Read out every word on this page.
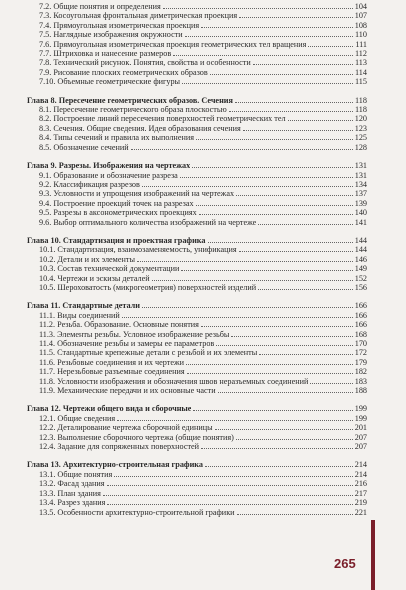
7.2. Общие понятия и определения	104
7.3. Косоугольная фронтальная диметрическая проекция	107
7.4. Прямоугольная изометрическая проекция	108
7.5. Наглядные изображения окружности	110
7.6. Прямоугольная изометрическая проекция геометрических тел вращения	111
7.7. Штриховка и нанесение размеров	112
7.8. Технический рисунок. Понятия, свойства и особенности	113
7.9. Рисование плоских геометрических образов	114
7.10. Объемные геометрические фигуры	115
Глава 8. Пересечение геометрических образов. Сечения	118
8.1. Пересечение геометрического образа плоскостью	118
8.2. Построение линий пересечения поверхностей геометрических тел	120
8.3. Сечения. Общие сведения. Идея образования сечения	123
8.4. Типы сечений и правила их выполнения	125
8.5. Обозначение сечений	128
Глава 9. Разрезы. Изображения на чертежах	131
9.1. Образование и обозначение разреза	131
9.2. Классификация разрезов	134
9.3. Условности и упрощения изображений на чертежах	137
9.4. Построение проекций точек на разрезах	139
9.5. Разрезы в аксонометрических проекциях	140
9.6. Выбор оптимального количества изображений на чертеже	141
Глава 10. Стандартизация и проектная графика	144
10.1. Стандартизация, взаимозаменяемость, унификация	144
10.2. Детали и их элементы	146
10.3. Состав технической документации	149
10.4. Чертежи и эскизы деталей	152
10.5. Шероховатость (микрогеометрия) поверхностей изделий	156
Глава 11. Стандартные детали	166
11.1. Виды соединений	166
11.2. Резьба. Образование. Основные понятия	166
11.3. Элементы резьбы. Условное изображение резьбы	168
11.4. Обозначение резьбы и замеры ее параметров	170
11.5. Стандартные крепежные детали с резьбой и их элементы	172
11.6. Резьбовые соединения и их чертежи	179
11.7. Нерезьбовые разъемные соединения	182
11.8. Условности изображения и обозначения швов неразъемных соединений	183
11.9. Механические передачи и их основные части	188
Глава 12. Чертежи общего вида и сборочные	199
12.1. Общие сведения	199
12.2. Деталирование чертежа сборочной единицы	201
12.3. Выполнение сборочного чертежа (общие понятия)	207
12.4. Задание для сопряженных поверхностей	207
Глава 13. Архитектурно-строительная графика	214
13.1. Общие понятия	214
13.2. Фасад здания	216
13.3. План здания	217
13.4. Разрез здания	219
13.5. Особенности архитектурно-строительной графики	221
265
